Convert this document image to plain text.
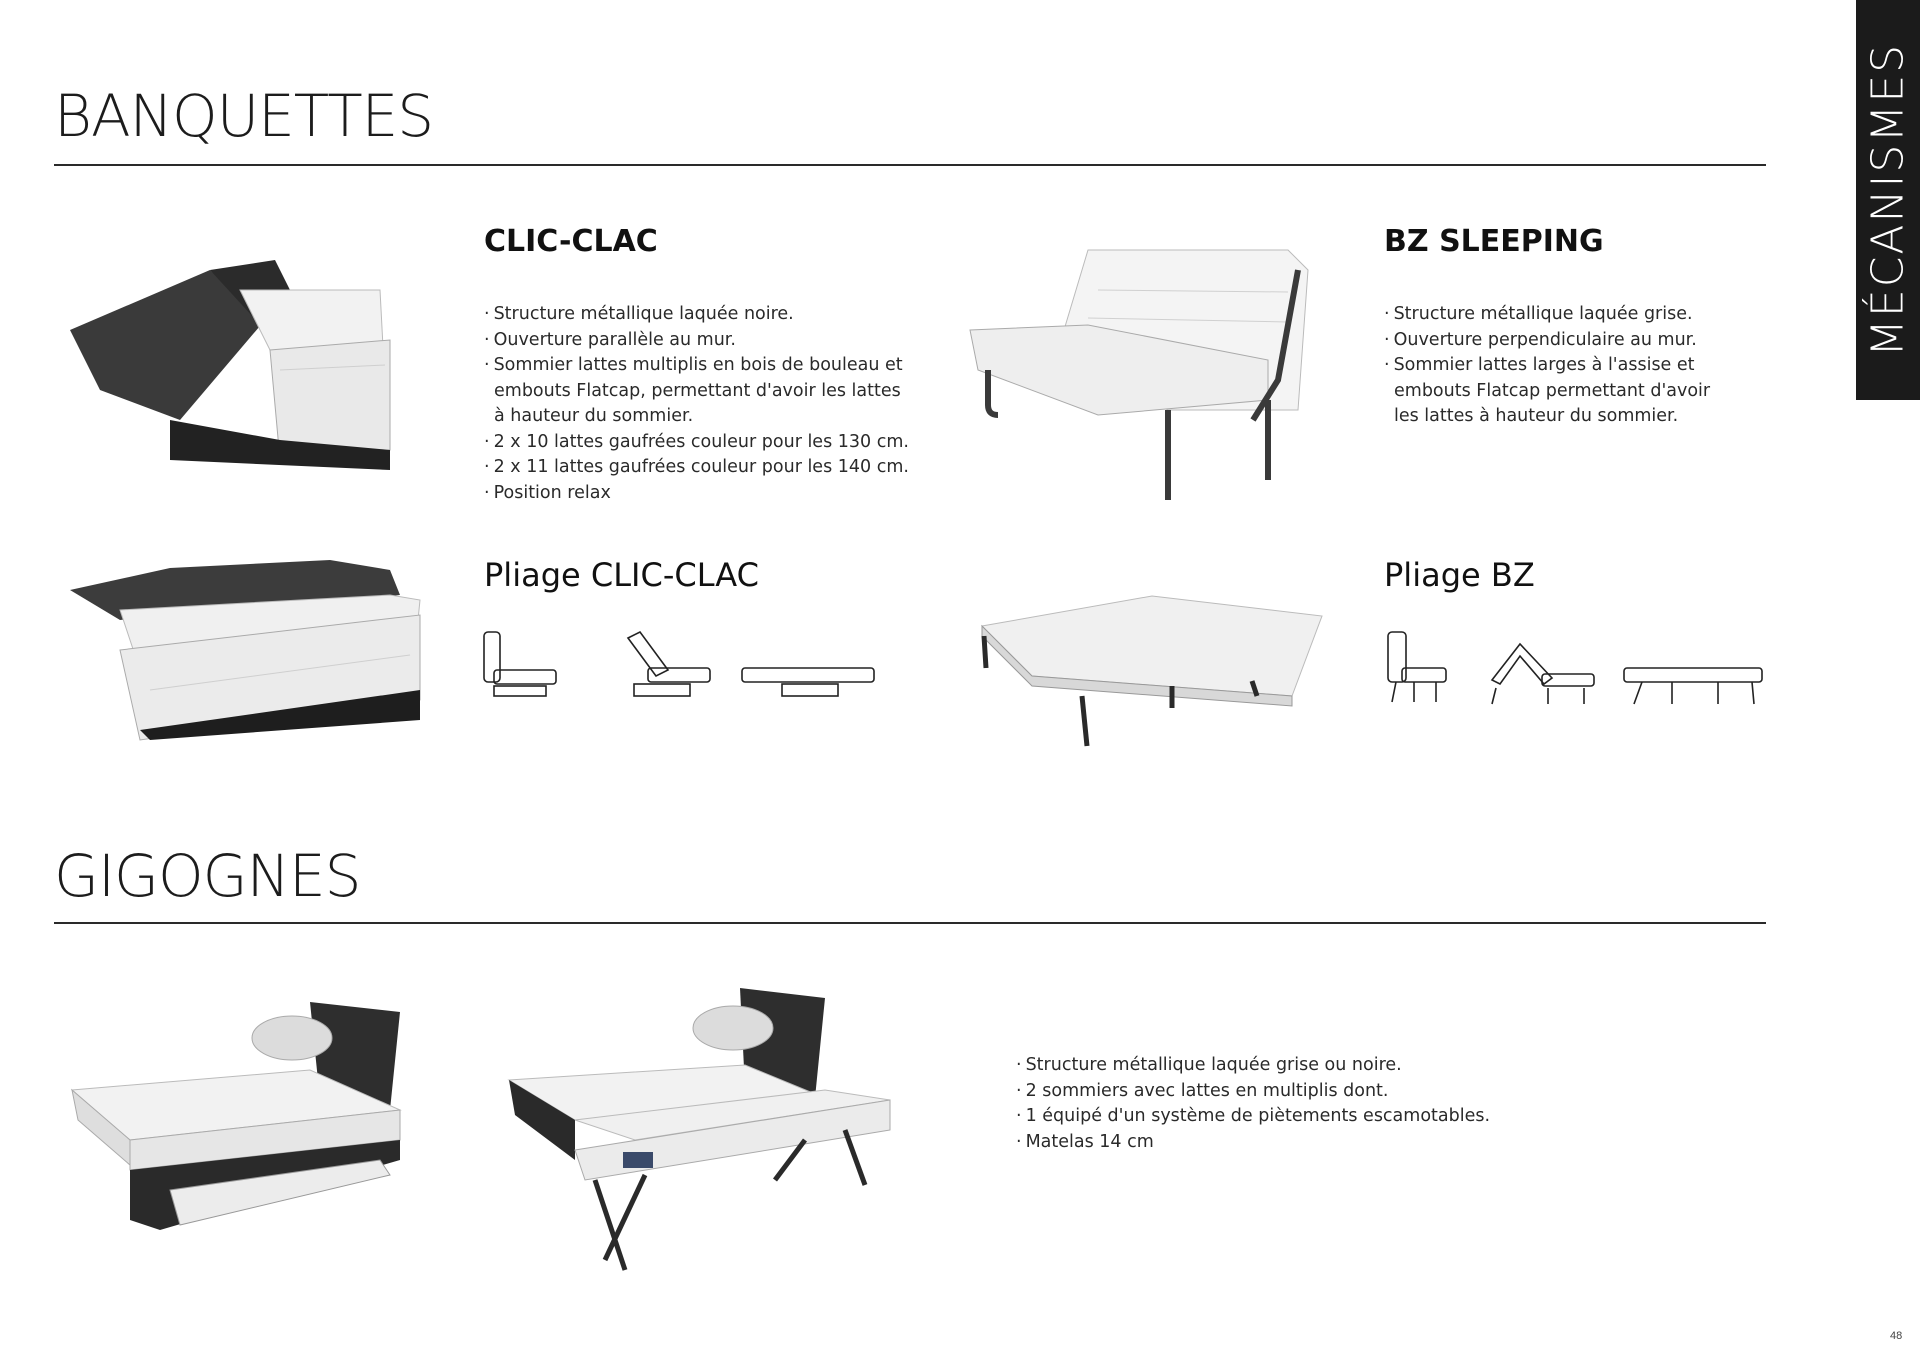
MÉCANISMES
BANQUETTES
CLIC-CLAC
· Structure métallique laquée noire.
· Ouverture parallèle au mur.
· Sommier lattes multiplis en bois de bouleau et embouts Flatcap, permettant d'avoir les lattes à hauteur du sommier.
· 2 x 10 lattes gaufrées couleur pour les 130 cm.
· 2 x 11 lattes gaufrées couleur pour les 140 cm.
· Position relax
Pliage CLIC-CLAC
BZ SLEEPING
· Structure métallique laquée grise.
· Ouverture perpendiculaire au mur.
· Sommier lattes larges à l'assise et embouts Flatcap permettant d'avoir les lattes à hauteur du sommier.
Pliage BZ
GIGOGNES
· Structure métallique laquée grise ou noire.
· 2 sommiers avec lattes en multiplis dont.
· 1 équipé d'un système de piètements escamotables.
· Matelas 14 cm
48
